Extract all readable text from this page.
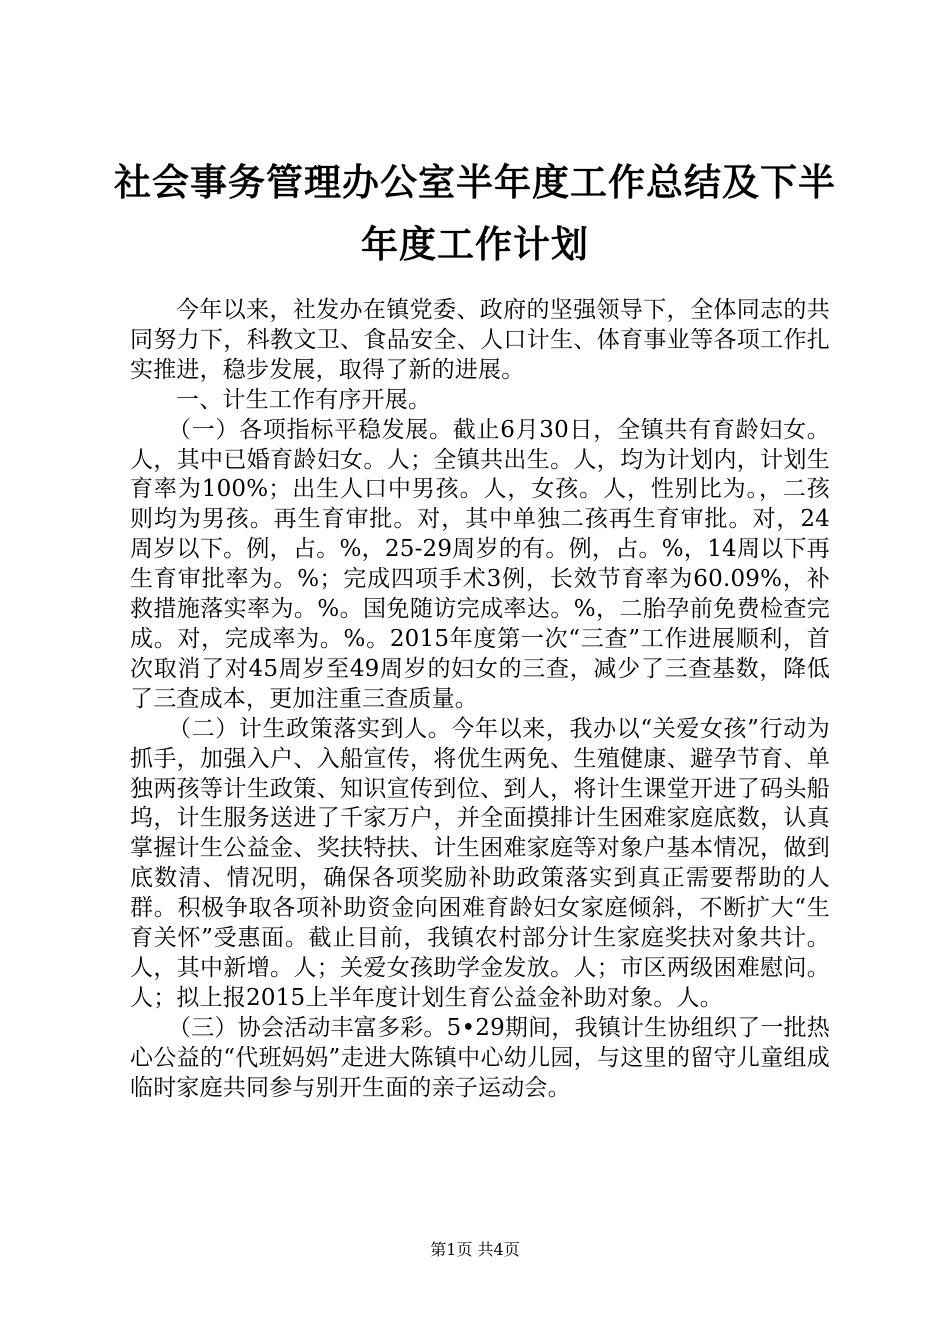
社会事务管理办公室半年度工作总结及下半年度工作计划

今年以来，社发办在镇党委、政府的坚强领导下，全体同志的共同努力下，科教文卫、食品安全、人口计生、体育事业等各项工作扎实推进，稳步发展，取得了新的进展。

一、计生工作有序开展。

（一）各项指标平稳发展。截止6月30日，全镇共有育龄妇女。人，其中已婚育龄妇女。人；全镇共出生。人，均为计划内，计划生育率为100%；出生人口中男孩。人，女孩。人，性别比为。，二孩则均为男孩。再生育审批。对，其中单独二孩再生育审批。对，24周岁以下。例，占。%，25-29周岁的有。例，占。%，14周以下再生育审批率为。%；完成四项手术3例，长效节育率为60.09%，补救措施落实率为。%。国免随访完成率达。%，二胎孕前免费检查完成。对，完成率为。%。2015年度第一次“三查”工作进展顺利，首次取消了对45周岁至49周岁的妇女的三查，减少了三查基数，降低了三查成本，更加注重三查质量。

（二）计生政策落实到人。今年以来，我办以“关爱女孩”行动为抓手，加强入户、入船宣传，将优生两免、生殖健康、避孕节育、单独两孩等计生政策、知识宣传到位、到人，将计生课堂开进了码头船坞，计生服务送进了千家万户，并全面摸排计生困难家庭底数，认真掌握计生公益金、奖扶特扶、计生困难家庭等对象户基本情况，做到底数清、情况明，确保各项奖励补助政策落实到真正需要帮助的人群。积极争取各项补助资金向困难育龄妇女家庭倾斜，不断扩大“生育关怀”受惠面。截止目前，我镇农村部分计生家庭奖扶对象共计。人，其中新增。人；关爱女孩助学金发放。人；市区两级困难慰问。人；拟上报2015上半年度计划生育公益金补助对象。人。

（三）协会活动丰富多彩。5•29期间，我镇计生协组织了一批热心公益的“代班妈妈”走进大陈镇中心幼儿园，与这里的留守儿童组成临时家庭共同参与别开生面的亲子运动会。

第1页 共4页
